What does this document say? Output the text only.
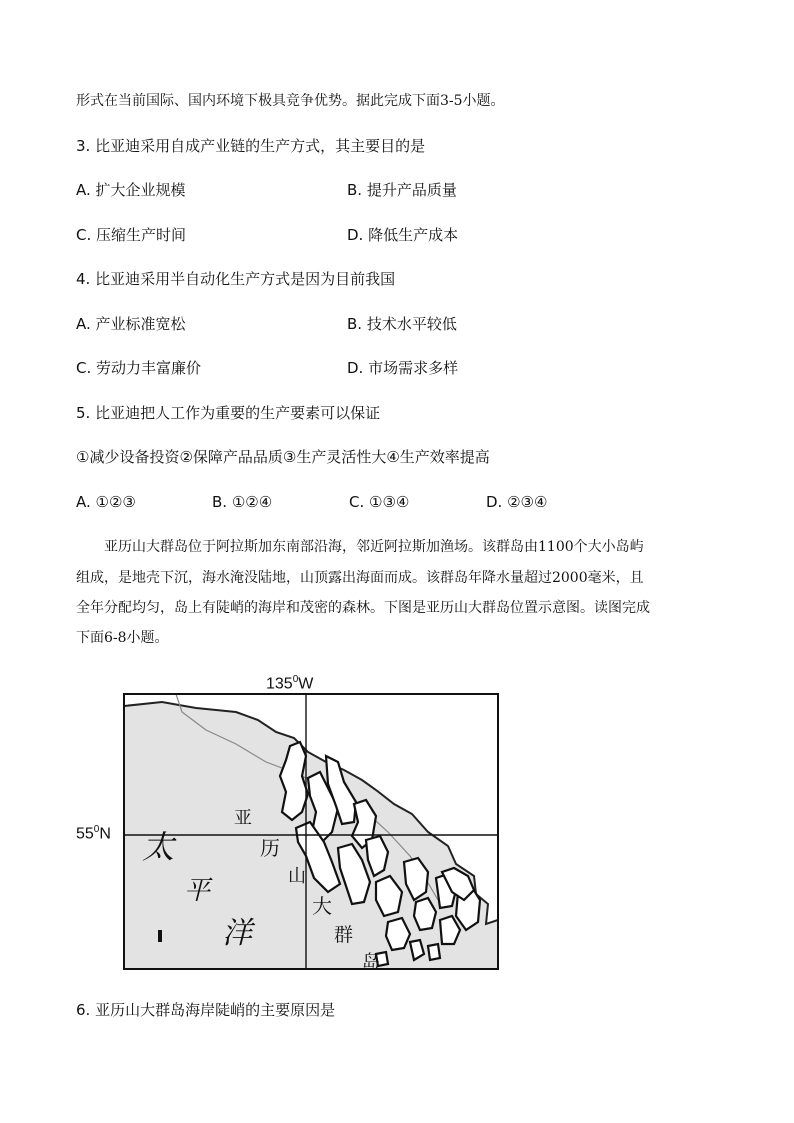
形式在当前国际、国内环境下极具竞争优势。据此完成下面3-5小题。
3. 比亚迪采用自成产业链的生产方式，其主要目的是
A. 扩大企业规模	B. 提升产品质量
C. 压缩生产时间	D. 降低生产成本
4. 比亚迪采用半自动化生产方式是因为目前我国
A. 产业标准宽松	B. 技术水平较低
C. 劳动力丰富廉价	D. 市场需求多样
5. 比亚迪把人工作为重要的生产要素可以保证
①减少设备投资②保障产品品质③生产灵活性大④生产效率提高
A. ①②③	B. ①②④	C. ①③④	D. ②③④
亚历山大群岛位于阿拉斯加东南部沿海，邻近阿拉斯加渔场。该群岛由1100个大小岛屿
组成，是地壳下沉，海水淹没陆地，山顶露出海面而成。该群岛年降水量超过2000毫米，且
全年分配均匀，岛上有陡峭的海岸和茂密的森林。下图是亚历山大群岛位置示意图。读图完成
下面6-8小题。
$135^0W$
$55^0N$ 太
平
洋
亚
历
山
大
群
岛
6. 亚历山大群岛海岸陡峭的主要原因是
